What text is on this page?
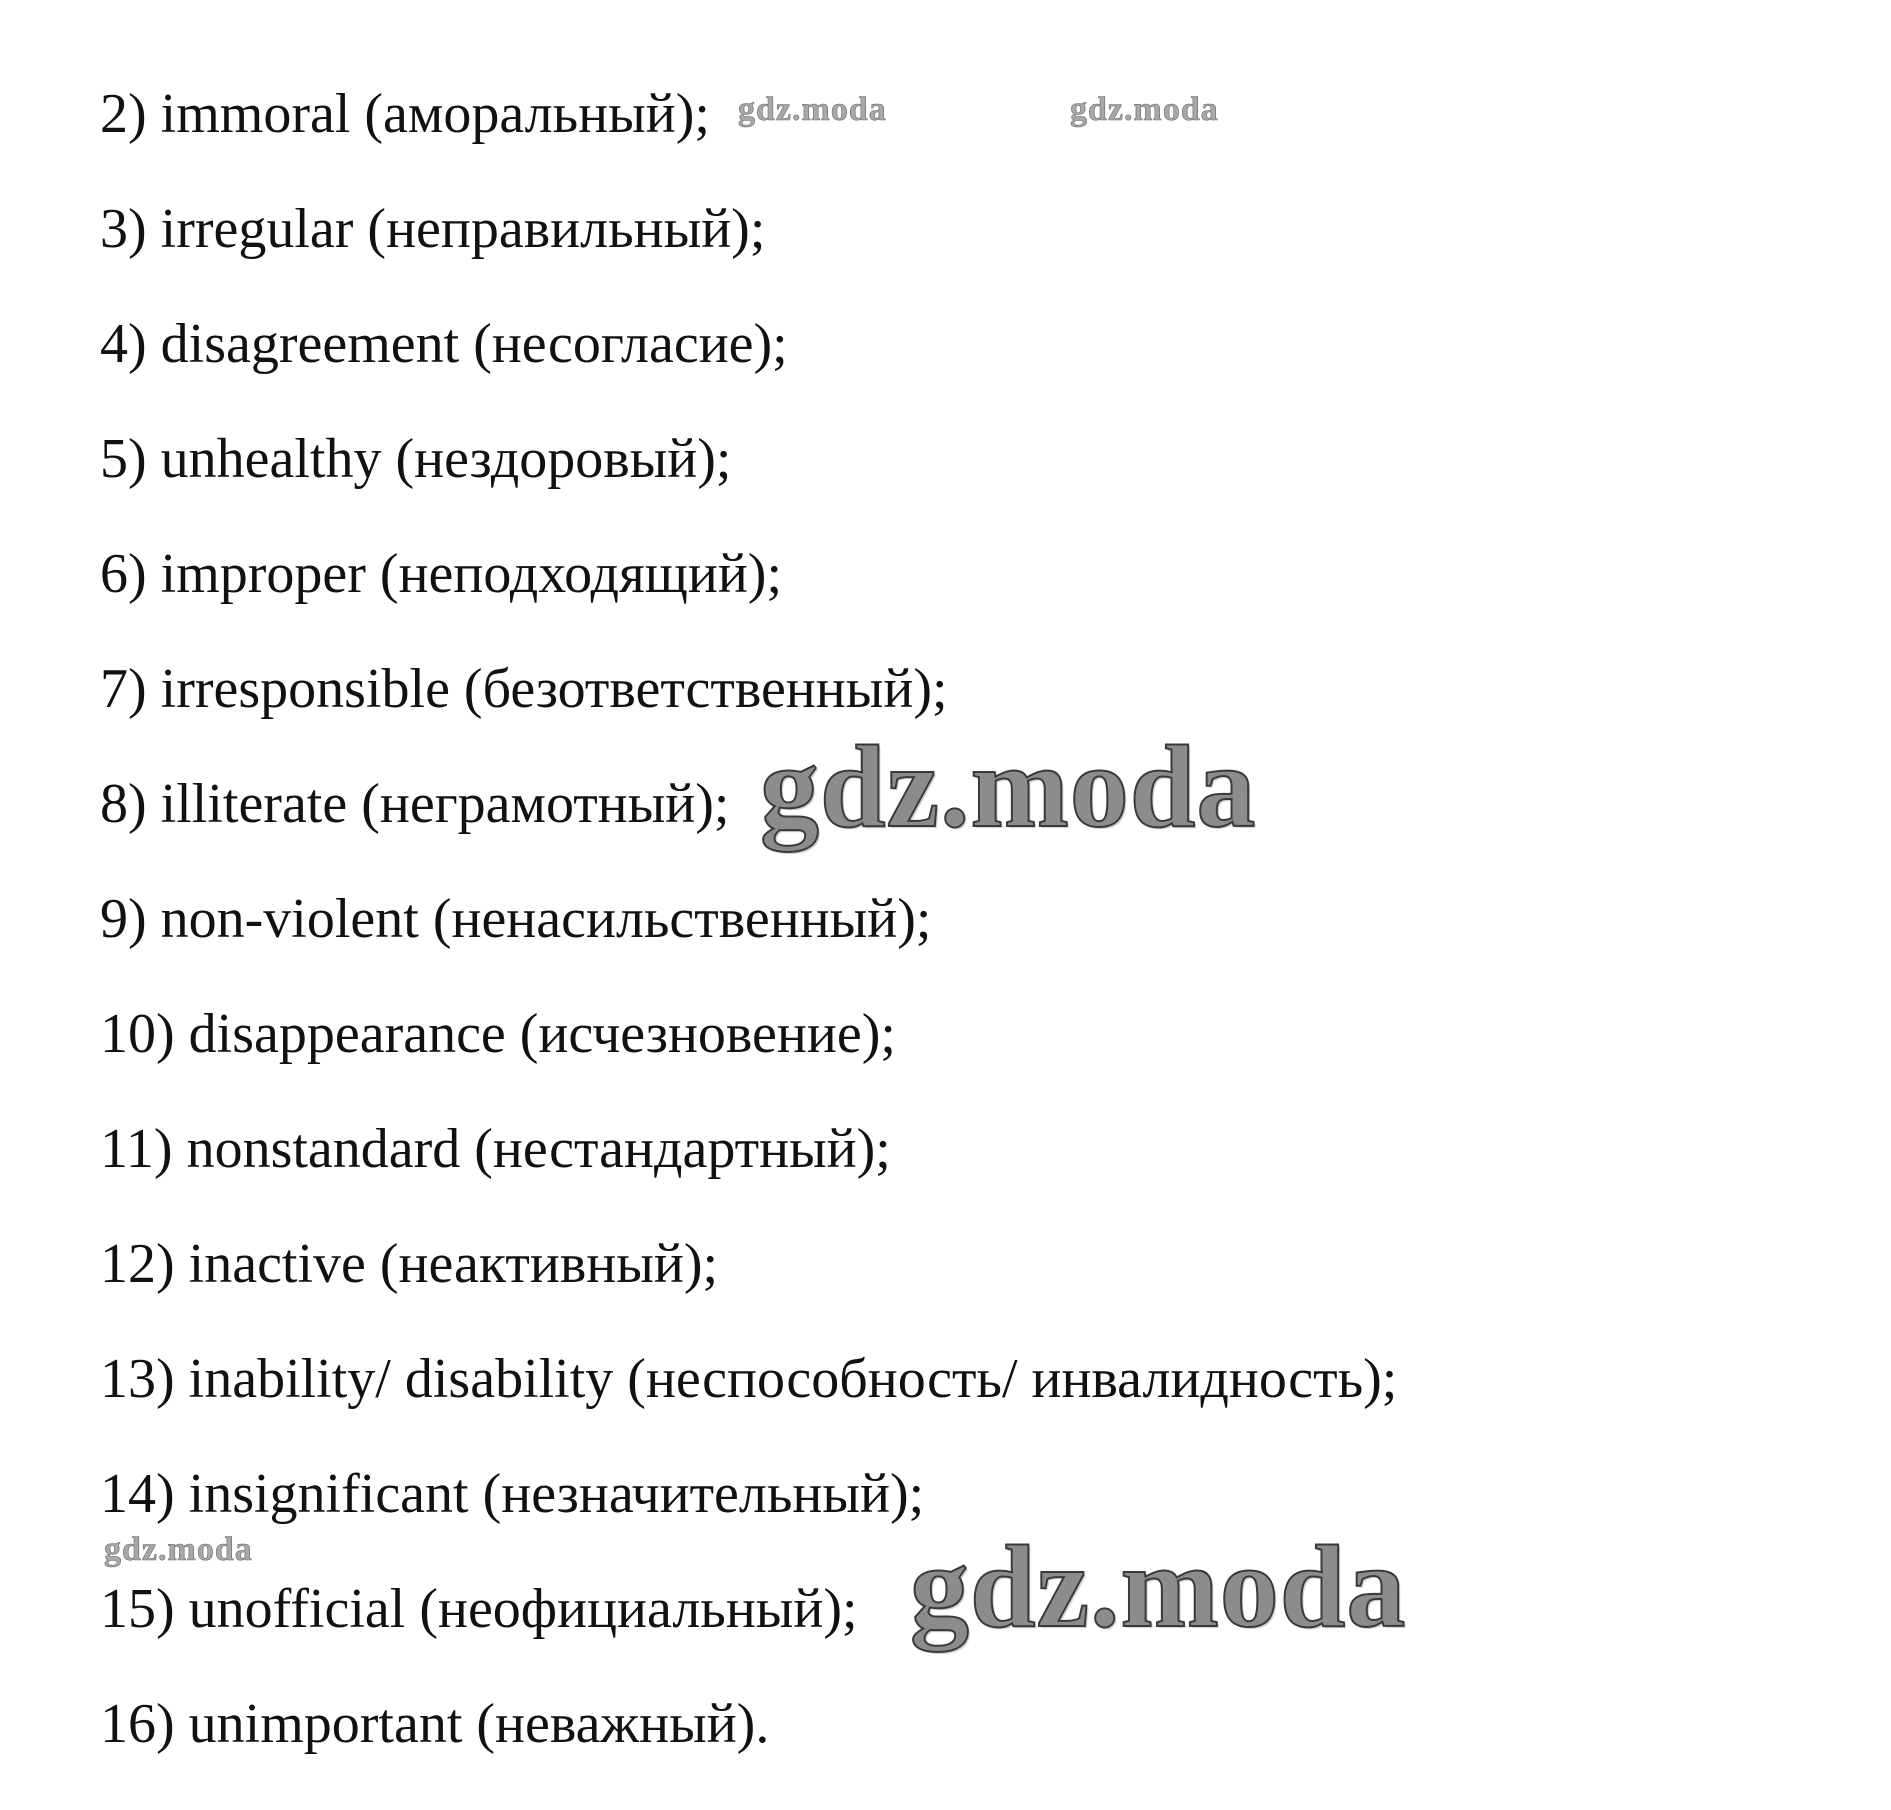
2) immoral (аморальный);
3) irregular (неправильный);
4) disagreement (несогласие);
5) unhealthy (нездоровый);
6) improper (неподходящий);
7) irresponsible (безответственный);
8) illiterate (неграмотный);
9) non-violent (ненасильственный);
10) disappearance (исчезновение);
11) nonstandard (нестандартный);
12) inactive (неактивный);
13) inability/ disability (неспособность/ инвалидность);
14) insignificant (незначительный);
15) unofficial (неофициальный);
16) unimportant (неважный).
gdz.moda	gdz.moda
gdz.moda
gdz.moda	gdz.moda
